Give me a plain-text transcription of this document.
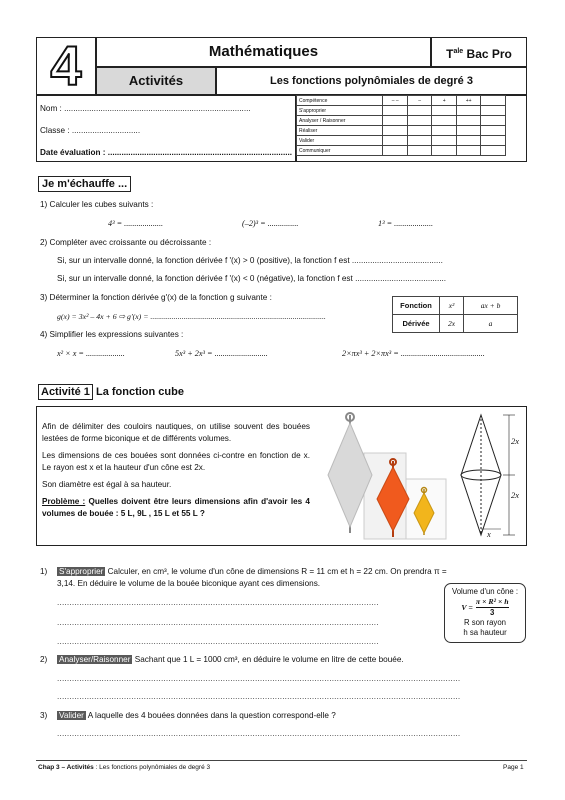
4	Mathématiques	$T^{ale}$ Bac Pro
Activités	Les fonctions polynômiales de degré 3
Nom : ..................................................................................
Classe : ..............................
Date évaluation : .................................................................................
Compétence	– –	–	+	++	
S'approprier					
Analyser / Raisonner					
Réaliser					
Valider					
Communiquer					
Je m'échauffe ...
1) Calculer les cubes suivants :
4³ = ...................	(–2)³ = ...............	1³ = ...................
2) Compléter avec croissante ou décroissante :
Si, sur un intervalle donné, la fonction dérivée f '(x) > 0 (positive), la fonction f est ........................................
Si, sur un intervalle donné, la fonction dérivée f '(x) < 0 (négative), la fonction f est ........................................
3) Déterminer la fonction dérivée g'(x) de la fonction g suivante :
g(x) = 3x² – 4x + 6 ⇨ g'(x) = ..........................................................................................
Fonction	x²	ax + b
Dérivée	2x	a
4) Simplifier les expressions suivantes :
x² × x = ...................	5x³ + 2x³ = ..........................	2×πx³ + 2×πx³ = .........................................
Activité 1 La fonction cube
Afin de délimiter des couloirs nautiques, on utilise souvent des bouées lestées de forme biconique et de différents volumes.
Les dimensions de ces bouées sont données ci-contre en fonction de x. Le rayon est x et la hauteur d'un cône est 2x.
Son diamètre est égal à sa hauteur.
Problème : Quelles doivent être leurs dimensions afin d'avoir les 4 volumes de bouée : 5 L, 9L , 15 L et 55 L ?
2x
2x
x
1) S'approprier Calculer, en cm³, le volume d'un cône de dimensions R = 11 cm et h = 22 cm. On prendra π =
3,14. En déduire le volume de la bouée biconique ayant ces dimensions.
..................................................................................................................................
..................................................................................................................................
..................................................................................................................................
Volume d'un cône :
$V = \frac{\text{π × R² × h}}{3}$
R son rayon
h sa hauteur
2) Analyser/Raisonner Sachant que 1 L = 1000 cm³, en déduire le volume en litre de cette bouée.
...................................................................................................................................................................
...................................................................................................................................................................
3) Valider A laquelle des 4 bouées données dans la question correspond-elle ?
...................................................................................................................................................................
Chap 3 – Activités : Les fonctions polynômiales de degré 3	Page 1
